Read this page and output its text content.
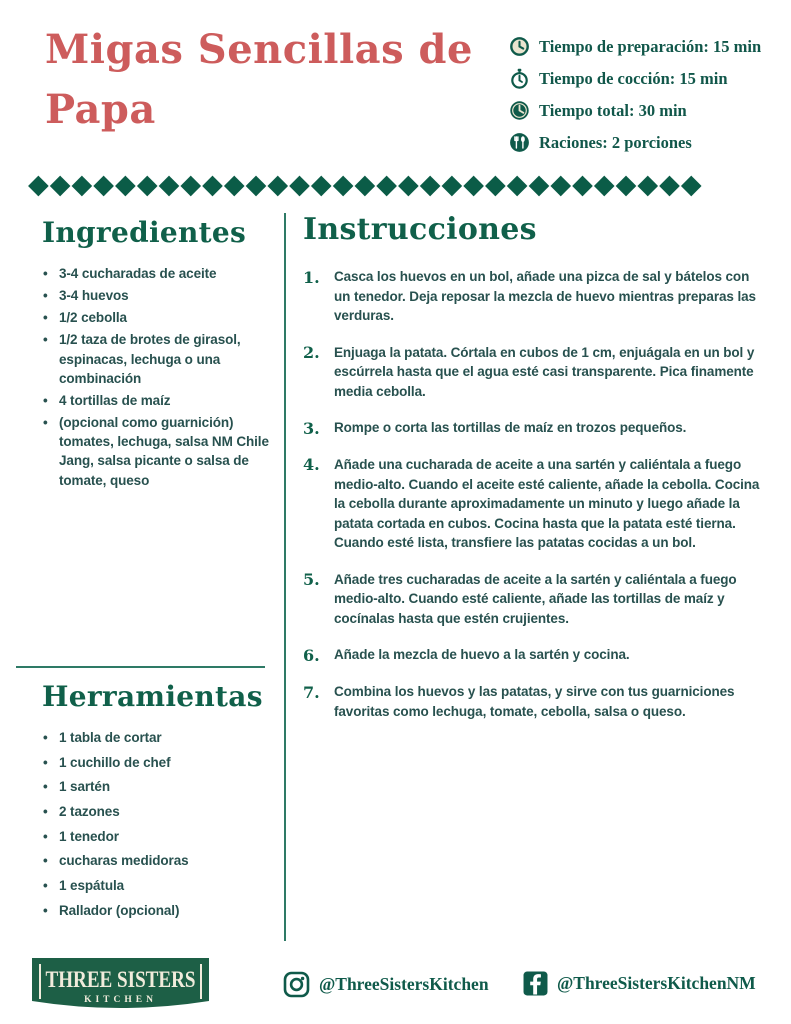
Migas Sencillas de Papa
Tiempo de preparación: 15 min
Tiempo de cocción: 15 min
Tiempo total: 30 min
Raciones: 2 porciones
◆◆◆◆◆◆◆◆◆◆◆◆◆◆◆◆◆◆◆◆◆◆◆◆◆◆◆◆◆◆◆
Ingredientes
• 3-4 cucharadas de aceite
• 3-4 huevos
• 1/2 cebolla
• 1/2 taza de brotes de girasol, espinacas, lechuga o una combinación
• 4 tortillas de maíz
• (opcional como guarnición) tomates, lechuga, salsa NM Chile Jang, salsa picante o salsa de tomate, queso
Herramientas
• 1 tabla de cortar
• 1 cuchillo de chef
• 1 sartén
• 2 tazones
• 1 tenedor
• cucharas medidoras
• 1 espátula
• Rallador (opcional)
Instrucciones
1.	Casca los huevos en un bol, añade una pizca de sal y bátelos con un tenedor. Deja reposar la mezcla de huevo mientras preparas las verduras.
2.	Enjuaga la patata. Córtala en cubos de 1 cm, enjuágala en un bol y escúrrela hasta que el agua esté casi transparente. Pica finamente media cebolla.
3.	Rompe o corta las tortillas de maíz en trozos pequeños.
4.	Añade una cucharada de aceite a una sartén y caliéntala a fuego medio-alto. Cuando el aceite esté caliente, añade la cebolla. Cocina la cebolla durante aproximadamente un minuto y luego añade la patata cortada en cubos. Cocina hasta que la patata esté tierna. Cuando esté lista, transfiere las patatas cocidas a un bol.
5.	Añade tres cucharadas de aceite a la sartén y caliéntala a fuego medio-alto. Cuando esté caliente, añade las tortillas de maíz y cocínalas hasta que estén crujientes.
6.	Añade la mezcla de huevo a la sartén y cocina.
7.	Combina los huevos y las patatas, y sirve con tus guarniciones favoritas como lechuga, tomate, cebolla, salsa o queso.
THREE SISTERS
KITCHEN
@ThreeSistersKitchen	@ThreeSistersKitchenNM
